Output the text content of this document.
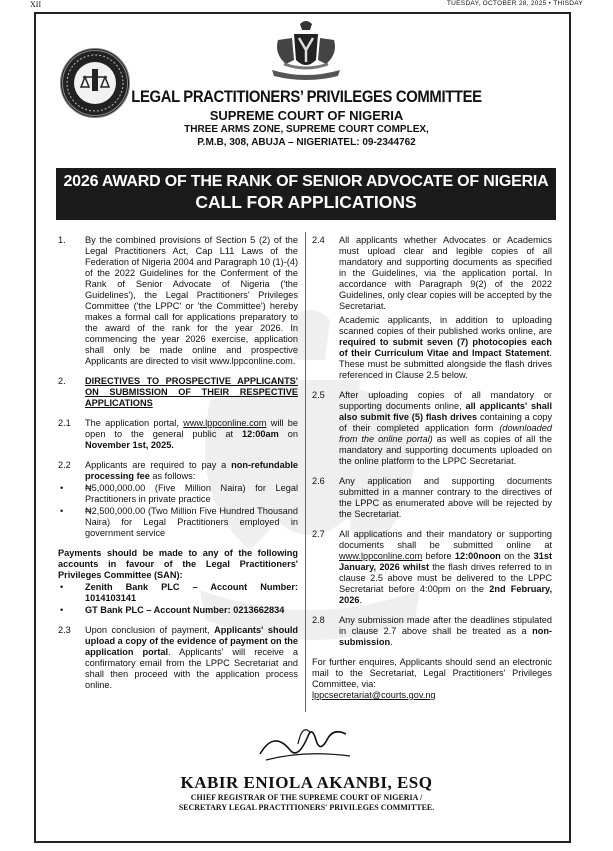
XII	TUESDAY, OCTOBER 28, 2025 • THISDAY
LEGAL PRACTITIONERS’ PRIVILEGES COMMITTEE
SUPREME COURT OF NIGERIA
THREE ARMS ZONE, SUPREME COURT COMPLEX,
P.M.B, 308, ABUJA – NIGERIATEL: 09-2344762
2026 AWARD OF THE RANK OF SENIOR ADVOCATE OF NIGERIA
CALL FOR APPLICATIONS
1. By the combined provisions of Section 5 (2) of the Legal Practitioners Act, Cap L11 Laws of the Federation of Nigeria 2004 and Paragraph 10 (1)-(4) of the 2022 Guidelines for the Conferment of the Rank of Senior Advocate of Nigeria ('the Guidelines'), the Legal Practitioners' Privileges Committee ('the LPPC' or 'the Committee') hereby makes a formal call for applications preparatory to the award of the rank for the year 2026. In commencing the year 2026 exercise, application shall only be made online and prospective Applicants are directed to visit www.lppconline.com.
2. DIRECTIVES TO PROSPECTIVE APPLICANTS' ON SUBMISSION OF THEIR RESPECTIVE APPLICATIONS
2.1 The application portal, www.lppconline.com will be open to the general public at 12:00am on November 1st, 2025.
2.2 Applicants are required to pay a non-refundable processing fee as follows:
• ₦5,000,000.00 (Five Million Naira) for Legal Practitioners in private practice
• ₦2,500,000.00 (Two Million Five Hundred Thousand Naira) for Legal Practitioners employed in government service
Payments should be made to any of the following accounts in favour of the Legal Practitioners' Privileges Committee (SAN):
• Zenith Bank PLC – Account Number: 1014103141
• GT Bank PLC – Account Number: 0213662834
2.3 Upon conclusion of payment, Applicants' should upload a copy of the evidence of payment on the application portal. Applicants' will receive a confirmatory email from the LPPC Secretariat and shall then proceed with the application process online.
2.4 All applicants whether Advocates or Academics must upload clear and legible copies of all mandatory and supporting documents as specified in the Guidelines, via the application portal. In accordance with Paragraph 9(2) of the 2022 Guidelines, only clear copies will be accepted by the Secretariat.
Academic applicants, in addition to uploading scanned copies of their published works online, are required to submit seven (7) photocopies each of their Curriculum Vitae and Impact Statement. These must be submitted alongside the flash drives referenced in Clause 2.5 below.
2.5 After uploading copies of all mandatory or supporting documents online, all applicants' shall also submit five (5) flash drives containing a copy of their completed application form (downloaded from the online portal) as well as copies of all the mandatory and supporting documents uploaded on the online platform to the LPPC Secretariat.
2.6 Any application and supporting documents submitted in a manner contrary to the directives of the LPPC as enumerated above will be rejected by the Secretariat.
2.7 All applications and their mandatory or supporting documents shall be submitted online at www.lppconline.com before 12:00noon on the 31st January, 2026 whilst the flash drives referred to in clause 2.5 above must be delivered to the LPPC Secretariat before 4:00pm on the 2nd February, 2026.
2.8 Any submission made after the deadlines stipulated in clause 2.7 above shall be treated as a non-submission.
For further enquires, Applicants should send an electronic mail to the Secretariat, Legal Practitioners' Privileges Committee, via:
lppcsecretariat@courts.gov.ng
KABIR ENIOLA AKANBI, ESQ
CHIEF REGISTRAR OF THE SUPREME COURT OF NIGERIA /
SECRETARY LEGAL PRACTITIONERS' PRIVILEGES COMMITTEE.
